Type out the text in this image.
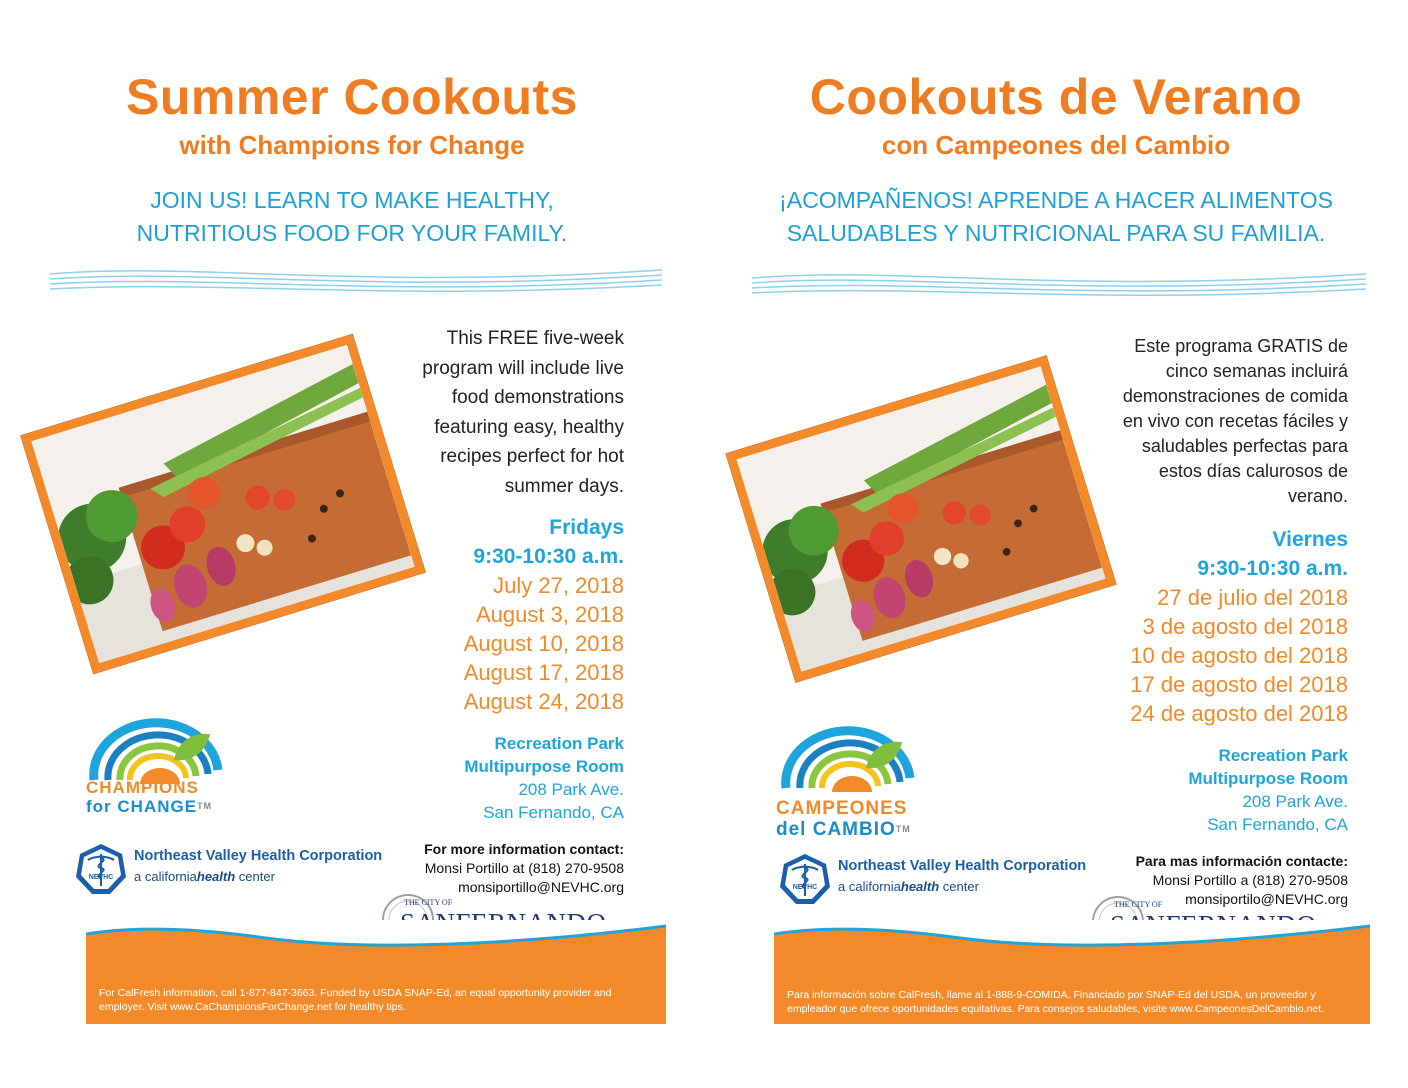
Summer Cookouts
with Champions for Change

JOIN US! LEARN TO MAKE HEALTHY,
NUTRITIOUS FOOD FOR YOUR FAMILY.

This FREE five-week
program will include live
food demonstrations
featuring easy, healthy
recipes perfect for hot
summer days.

Fridays
9:30-10:30 a.m.
July 27, 2018
August 3, 2018
August 10, 2018
August 17, 2018
August 24, 2018
Recreation Park
Multipurpose Room
208 Park Ave.
San Fernando, CA
For more information contact:
Monsi Portillo at (818) 270-9508
monsiportillo@NEVHC.org
CHAMPIONS
for CHANGE™
NEVHC
Northeast Valley Health Corporation
a californiahealth center
THE CITY OF
For CalFresh information, call 1-877-847-3663. Funded by USDA SNAP-Ed, an equal opportunity provider and employer. Visit www.CaChampionsForChange.net for healthy tips.
Cookouts de Verano
con Campeones del Cambio

¡ACOMPAÑENOS! APRENDE A HACER ALIMENTOS
SALUDABLES Y NUTRICIONAL PARA SU FAMILIA.

Este programa GRATIS de
cinco semanas incluirá
demonstraciones de comida
en vivo con recetas fáciles y
saludables perfectas para
estos días calurosos de
verano.

Viernes
9:30-10:30 a.m.
27 de julio del 2018
3 de agosto del 2018
10 de agosto del 2018
17 de agosto del 2018
24 de agosto del 2018
Recreation Park
Multipurpose Room
208 Park Ave.
San Fernando, CA
Para mas información contacte:
Monsi Portillo a (818) 270-9508
monsiportilo@NEVHC.org
CAMPEONES
del CAMBIO™
NEVHC
Northeast Valley Health Corporation
a californiahealth center
THE CITY OF
Para información sobre CalFresh, llame al 1-888-9-COMIDA. Financiado por SNAP-Ed del USDA, un proveedor y empleador que ofrece oportunidades equitativas. Para consejos saludables, visite www.CampeonesDelCambio.net.
